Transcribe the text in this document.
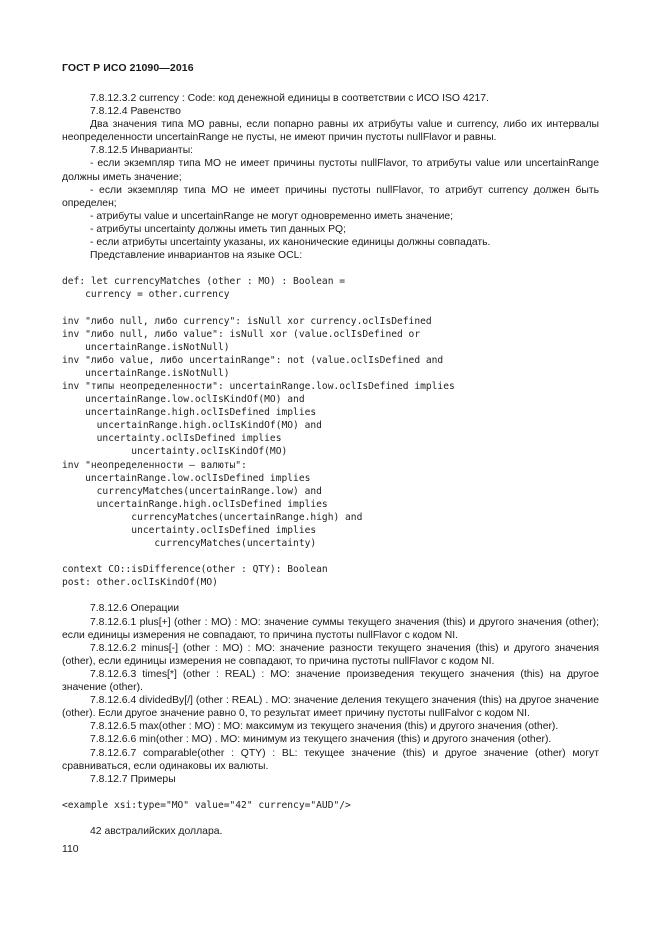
ГОСТ Р ИСО 21090—2016

7.8.12.3.2 currency : Code: код денежной единицы в соответствии с ИСО ISO 4217.

7.8.12.4 Равенство

Два значения типа MO равны, если попарно равны их атрибуты value и currency, либо их интервалы неопределенности uncertainRange не пусты, не имеют причин пустоты nullFlavor и равны.

7.8.12.5 Инварианты:

- если экземпляр типа MO не имеет причины пустоты nullFlavor, то атрибуты value или uncertainRange должны иметь значение;

- если экземпляр типа MO не имеет причины пустоты nullFlavor, то атрибут currency должен быть определен;

- атрибуты value и uncertainRange не могут одновременно иметь значение;

- атрибуты uncertainty должны иметь тип данных PQ;

- если атрибуты uncertainty указаны, их канонические единицы должны совпадать.

Представление инвариантов на языке OCL:

def: let currencyMatches (other : MO) : Boolean =
currency = other.currency

inv "либо null, либо currency": isNull xor currency.oclIsDefined
inv "либо null, либо value": isNull xor (value.oclIsDefined or
uncertainRange.isNotNull)
inv "либо value, либо uncertainRange": not (value.oclIsDefined and
uncertainRange.isNotNull)
inv "типы неопределенности": uncertainRange.low.oclIsDefined implies
uncertainRange.low.oclIsKindOf(MO) and
uncertainRange.high.oclIsDefined implies
uncertainRange.high.oclIsKindOf(MO) and
uncertainty.oclIsDefined implies
uncertainty.oclIsKindOf(MO)
inv "неопределенности – валюты":
uncertainRange.low.oclIsDefined implies
currencyMatches(uncertainRange.low) and
uncertainRange.high.oclIsDefined implies
currencyMatches(uncertainRange.high) and
uncertainty.oclIsDefined implies
currencyMatches(uncertainty)

context CO::isDifference(other : QTY): Boolean
post: other.oclIsKindOf(MO)

7.8.12.6 Операции

7.8.12.6.1 plus[+] (other : MO) : MO: значение суммы текущего значения (this) и другого значения (other); если единицы измерения не совпадают, то причина пустоты nullFlavor с кодом NI.

7.8.12.6.2 minus[-] (other : MO) : MO: значение разности текущего значения (this) и другого значения (other), если единицы измерения не совпадают, то причина пустоты nullFlavor с кодом NI.

7.8.12.6.3 times[*] (other : REAL) : MO: значение произведения текущего значения (this) на другое значение (other).

7.8.12.6.4 dividedBy[/] (other : REAL) . MO: значение деления текущего значения (this) на другое значение (other). Если другое значение равно 0, то результат имеет причину пустоты nullFalvor с кодом NI.

7.8.12.6.5 max(other : MO) : MO: максимум из текущего значения (this) и другого значения (other).

7.8.12.6.6 min(other : MO) . MO: минимум из текущего значения (this) и другого значения (other).

7.8.12.6.7 comparable(other : QTY) : BL: текущее значение (this) и другое значение (other) могут сравниваться, если одинаковы их валюты.

7.8.12.7 Примеры

<example xsi:type="MO" value="42" currency="AUD"/>

42 австралийских доллара.

110
